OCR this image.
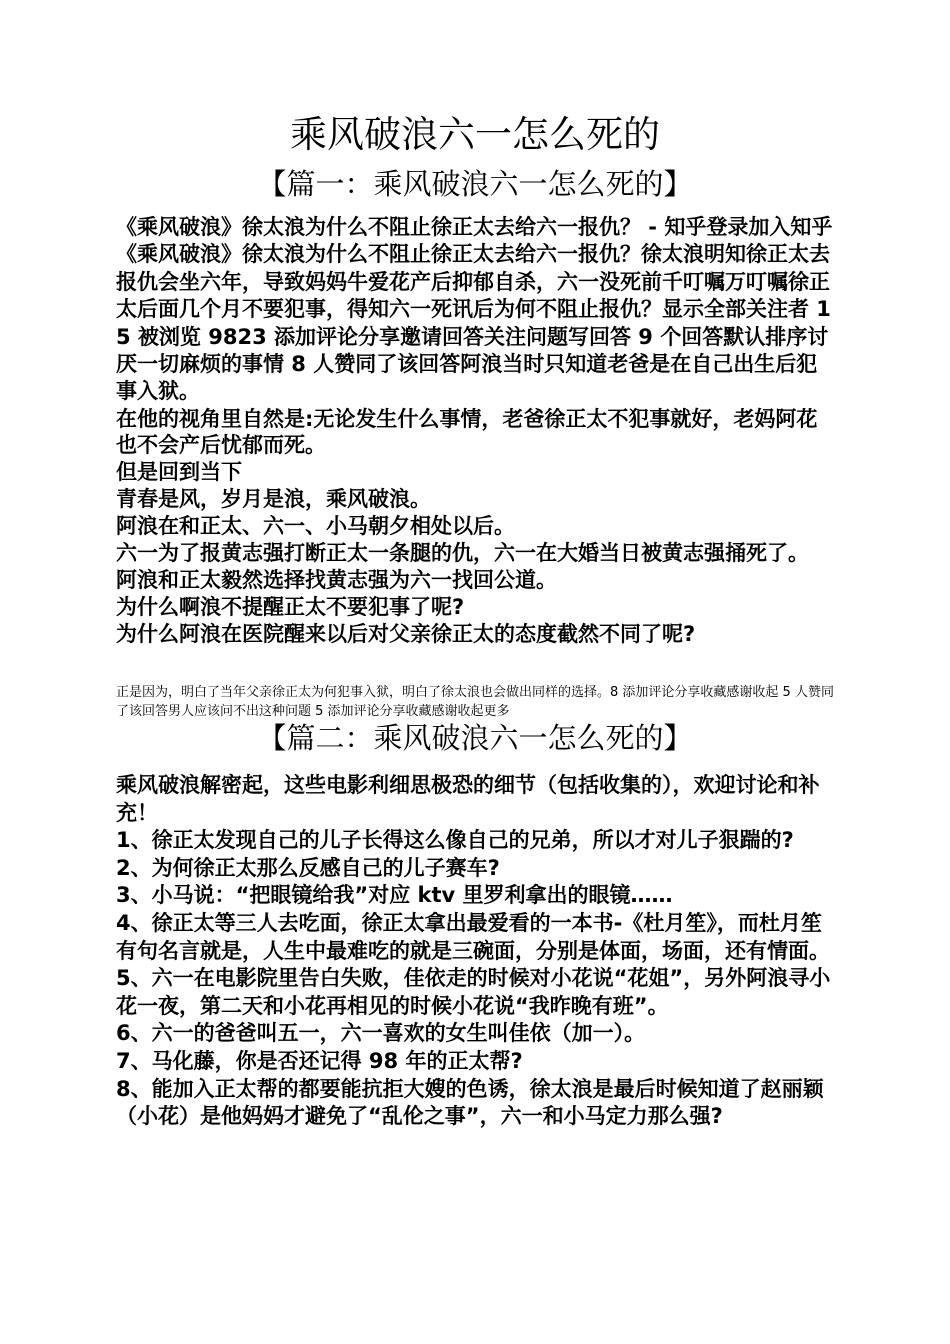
乘风破浪六一怎么死的
【篇一：乘风破浪六一怎么死的】

《乘风破浪》徐太浪为什么不阻止徐正太去给六一报仇？ - 知乎登录加入知乎《乘风破浪》徐太浪为什么不阻止徐正太去给六一报仇？徐太浪明知徐正太去报仇会坐六年，导致妈妈牛爱花产后抑郁自杀，六一没死前千叮嘱万叮嘱徐正太后面几个月不要犯事，得知六一死讯后为何不阻止报仇？显示全部关注者 15 被浏览 9823 添加评论分享邀请回答关注问题写回答 9 个回答默认排序讨厌一切麻烦的事情 8 人赞同了该回答阿浪当时只知道老爸是在自己出生后犯事入狱。

在他的视角里自然是:无论发生什么事情，老爸徐正太不犯事就好，老妈阿花也不会产后忧郁而死。

但是回到当下

青春是风，岁月是浪，乘风破浪。

阿浪在和正太、六一、小马朝夕相处以后。

六一为了报黄志强打断正太一条腿的仇，六一在大婚当日被黄志强捅死了。

阿浪和正太毅然选择找黄志强为六一找回公道。

为什么啊浪不提醒正太不要犯事了呢?

为什么阿浪在医院醒来以后对父亲徐正太的态度截然不同了呢?

正是因为，明白了当年父亲徐正太为何犯事入狱，明白了徐太浪也会做出同样的选择。8 添加评论分享收藏感谢收起 5 人赞同了该回答男人应该问不出这种问题 5 添加评论分享收藏感谢收起更多

【篇二：乘风破浪六一怎么死的】

乘风破浪解密起，这些电影利细思极恐的细节（包括收集的），欢迎讨论和补充！

1、徐正太发现自己的儿子长得这么像自己的兄弟，所以才对儿子狠踹的?

2、为何徐正太那么反感自己的儿子赛车?

3、小马说：“把眼镜给我”对应 ktv 里罗利拿出的眼镜……

4、徐正太等三人去吃面，徐正太拿出最爱看的一本书-《杜月笙》，而杜月笙有句名言就是，人生中最难吃的就是三碗面，分别是体面，场面，还有情面。

5、六一在电影院里告白失败，佳依走的时候对小花说“花姐”，另外阿浪寻小花一夜，第二天和小花再相见的时候小花说“我昨晚有班”。

6、六一的爸爸叫五一，六一喜欢的女生叫佳依（加一）。

7、马化藤，你是否还记得 98 年的正太帮?

8、能加入正太帮的都要能抗拒大嫂的色诱，徐太浪是最后时候知道了赵丽颖（小花）是他妈妈才避免了“乱伦之事”，六一和小马定力那么强?
